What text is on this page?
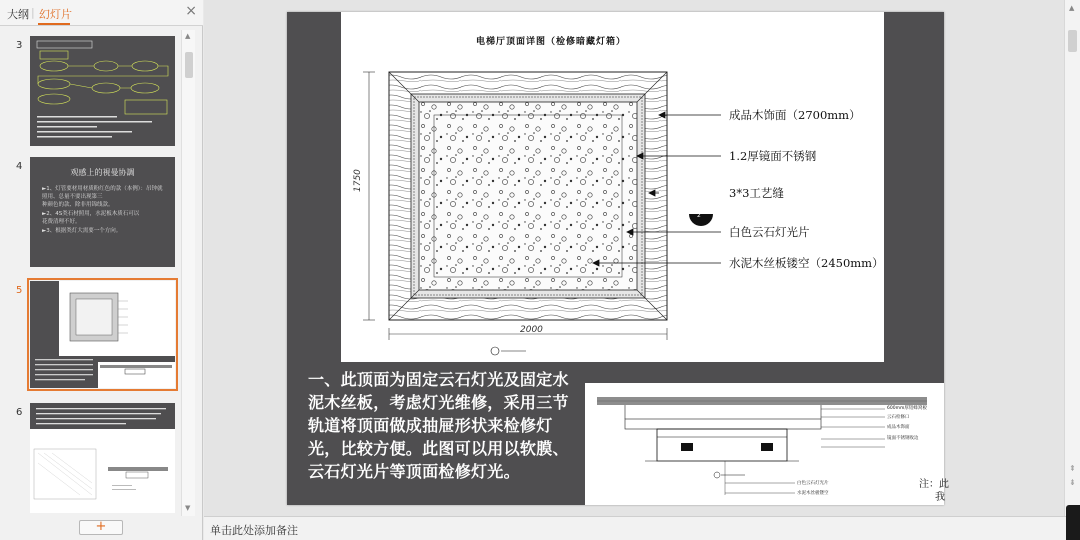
大纲 | 幻灯片	×
3
4
观感上的視曼协調
►1、灯管要材用材质粉红色的款（本例）：吊钟就照用、总量不要出现第三
种颜色的款、除非用锦线款。
►2、4S类石材照用，水泥板木质石可以
花费清理不好。
►3、根据类灯大需要一个方向。
5
6
▲
▼
+
电梯厅顶面详图（检修暗藏灯箱）
2
成品木饰面（2700mm）
1.2厚镜面不锈钢
3*3工艺缝
白色云石灯光片
水泥木丝板镂空（2450mm）
2000
1750
一、此顶面为固定云石灯光及固定水泥木丝板，考虑灯光维修，采用三节轨道将顶面做成抽屉形状来检修灯光，比较方便。此图可以用以软膜、云石灯光片等顶面检修灯光。
600mm厚铝蜂窝板
云石检修口
成品木饰面
镜面不锈钢收边
白色云石灯光片
水泥木丝板镂空
注：此
我
▲
⇞
⇟
单击此处添加备注
